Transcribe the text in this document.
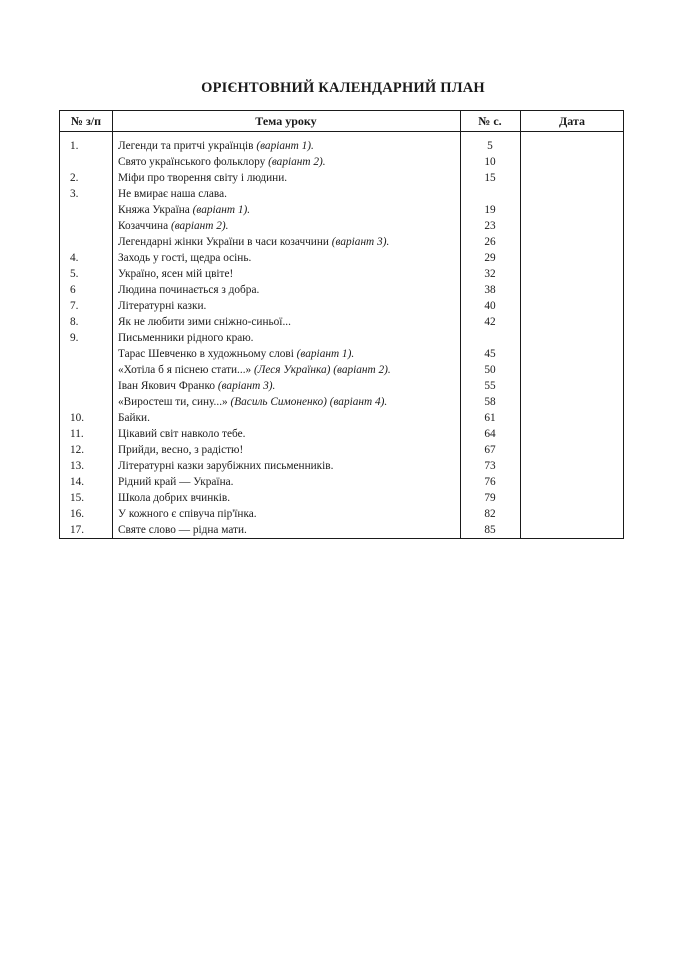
ОРІЄНТОВНИЙ КАЛЕНДАРНИЙ ПЛАН
№ з/п	Тема уроку	№ с.	Дата
1.	Легенди та притчі українців (варіант 1).	5
Свято українського фольклору (варіант 2).	10
2.	Міфи про творення світу і людини.	15
3.	Не вмирає наша слава.
Княжа Україна (варіант 1).	19
Козаччина (варіант 2).	23
Легендарні жінки України в часи козаччини (варіант 3).	26
4.	Заходь у гості, щедра осінь.	29
5.	Україно, ясен мій цвіте!	32
6	Людина починається з добра.	38
7.	Літературні казки.	40
8.	Як не любити зими сніжно-синьої...	42
9.	Письменники рідного краю.
Тарас Шевченко в художньому слові (варіант 1).	45
«Хотіла б я піснею стати...» (Леся Українка) (варіант 2).	50
Іван Якович Франко (варіант 3).	55
«Виростеш ти, сину...» (Василь Симоненко) (варіант 4).	58
10.	Байки.	61
11.	Цікавий світ навколо тебе.	64
12.	Прийди, весно, з радістю!	67
13.	Літературні казки зарубіжних письменників.	73
14.	Рідний край — Україна.	76
15.	Школа добрих вчинків.	79
16.	У кожного є співуча пір'їнка.	82
17.	Святе слово — рідна мати.	85
